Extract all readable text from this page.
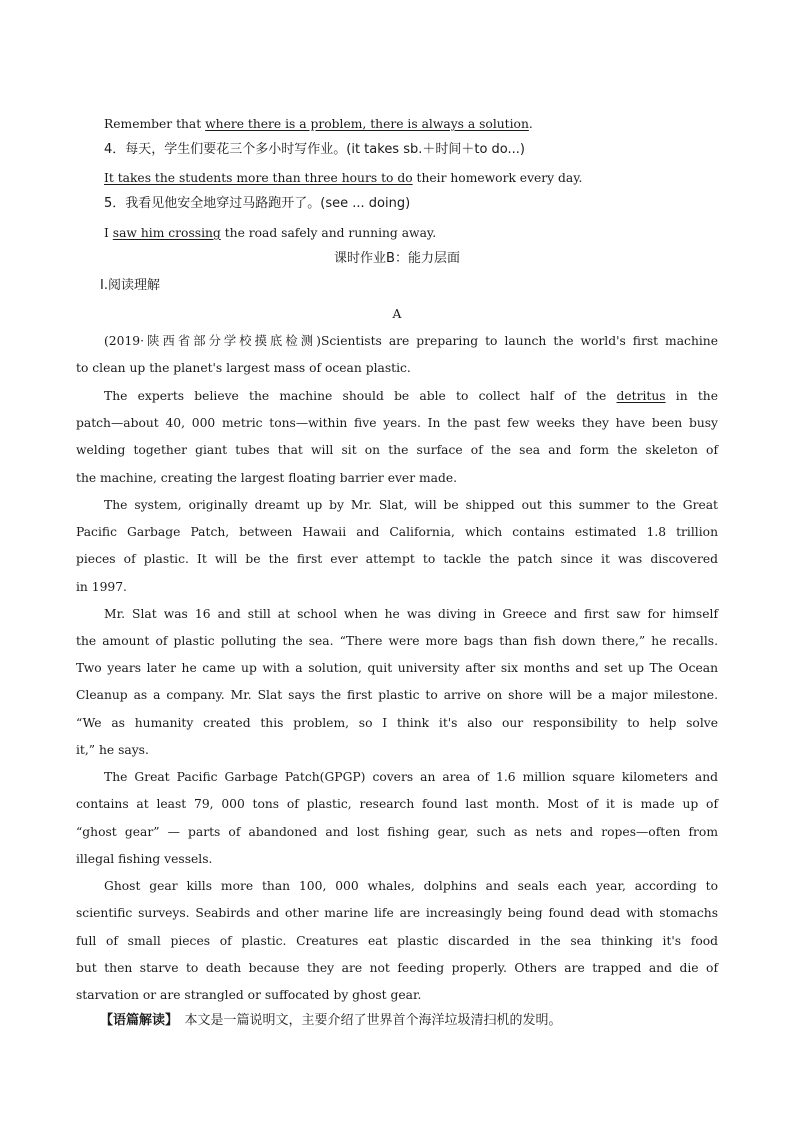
Remember that where there is a problem, there is always a solution.
4．每天，学生们要花三个多小时写作业。(it takes sb.＋时间＋to do...)
It takes the students more than three hours to do their homework every day.
5．我看见他安全地穿过马路跑开了。(see ... doing)
I saw him crossing the road safely and running away.
课时作业B：能力层面
Ⅰ.阅读理解
A
(2019·陕西省部分学校摸底检测)Scientists are preparing to launch the world's first machine
to clean up the planet's largest mass of ocean plastic.
The experts believe the machine should be able to collect half of the detritus in the
patch—about 40, 000 metric tons—within five years. In the past few weeks they have been busy
welding together giant tubes that will sit on the surface of the sea and form the skeleton of
the machine, creating the largest floating barrier ever made.
The system, originally dreamt up by Mr. Slat, will be shipped out this summer to the Great
Pacific Garbage Patch, between Hawaii and California, which contains estimated 1.8 trillion
pieces of plastic. It will be the first ever attempt to tackle the patch since it was discovered
in 1997.
Mr. Slat was 16 and still at school when he was diving in Greece and first saw for himself
the amount of plastic polluting the sea. “There were more bags than fish down there,” he recalls.
Two years later he came up with a solution, quit university after six months and set up The Ocean
Cleanup as a company. Mr. Slat says the first plastic to arrive on shore will be a major milestone.
“We as humanity created this problem, so I think it's also our responsibility to help solve
it,” he says.
The Great Pacific Garbage Patch(GPGP) covers an area of 1.6 million square kilometers and
contains at least 79, 000 tons of plastic, research found last month. Most of it is made up of
“ghost gear” — parts of abandoned and lost fishing gear, such as nets and ropes—often from
illegal fishing vessels.
Ghost gear kills more than 100, 000 whales, dolphins and seals each year, according to
scientific surveys. Seabirds and other marine life are increasingly being found dead with stomachs
full of small pieces of plastic. Creatures eat plastic discarded in the sea thinking it's food
but then starve to death because they are not feeding properly. Others are trapped and die of
starvation or are strangled or suffocated by ghost gear.
【语篇解读】　本文是一篇说明文，主要介绍了世界首个海洋垃圾清扫机的发明。
